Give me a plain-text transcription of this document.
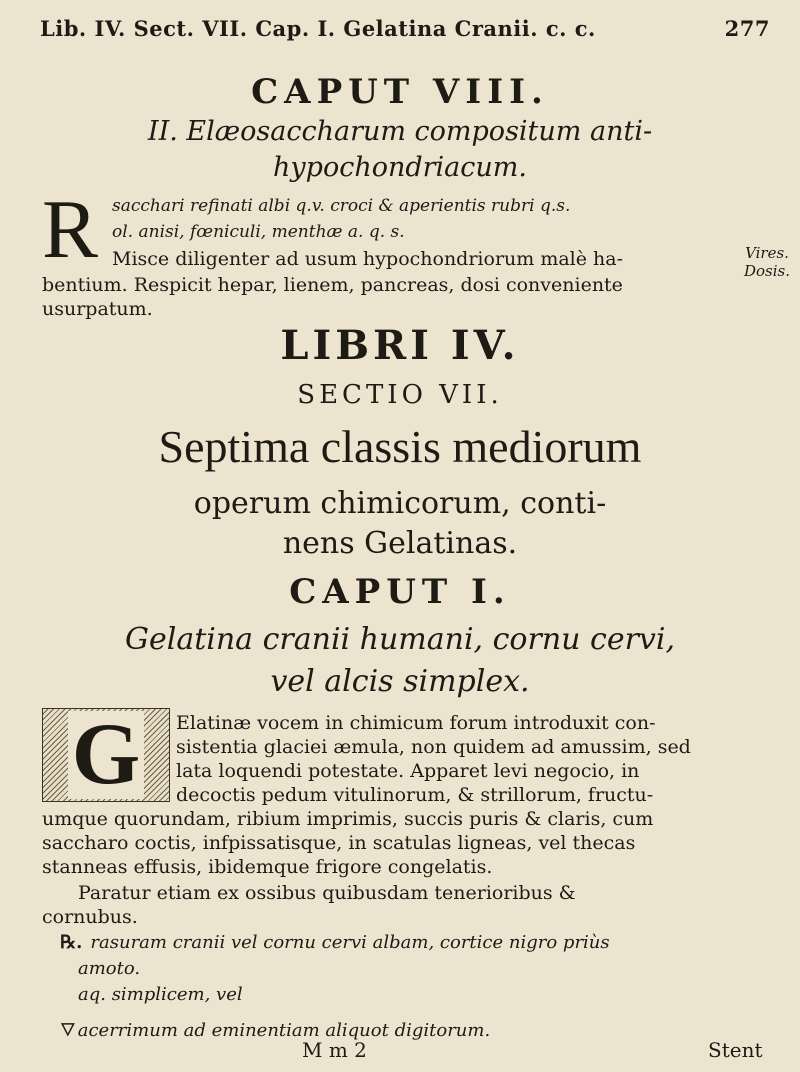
Lib. IV. Sect. VII. Cap. I. Gelatina Cranii. c. c.	277
CAPUT VIII.
II. Elæosaccharum compositum anti-
hypochondriacum.
R sacchari refinati albi q.v. croci & aperientis rubri q.s.
ol. anisi, fœniculi, menthæ a. q. s.
Misce diligenter ad usum hypochondriorum malè ha-
bentium. Respicit hepar, lienem, pancreas, dosi conveniente
usurpatum.
Vires.
Dosis.
LIBRI IV.
SECTIO VII.
Septima classis mediorum
operum chimicorum, conti-
nens Gelatinas.
CAPUT I.
Gelatina cranii humani, cornu cervi,
vel alcis simplex.
G Elatinæ vocem in chimicum forum introduxit con-
sistentia glaciei æmula, non quidem ad amussim, sed
lata loquendi potestate. Apparet levi negocio, in
decoctis pedum vitulinorum, & strillorum, fructu-
umque quorundam, ribium imprimis, succis puris & claris, cum
saccharo coctis, infpissatisque, in scatulas ligneas, vel thecas
stanneas effusis, ibidemque frigore congelatis.
Paratur etiam ex ossibus quibusdam tenerioribus &
cornubus.
℞. rasuram cranii vel cornu cervi albam, cortice nigro priùs
amoto.
aq. simplicem, vel
M m 2	Stent
🜄 acerrimum ad eminentiam aliquot digitorum.
